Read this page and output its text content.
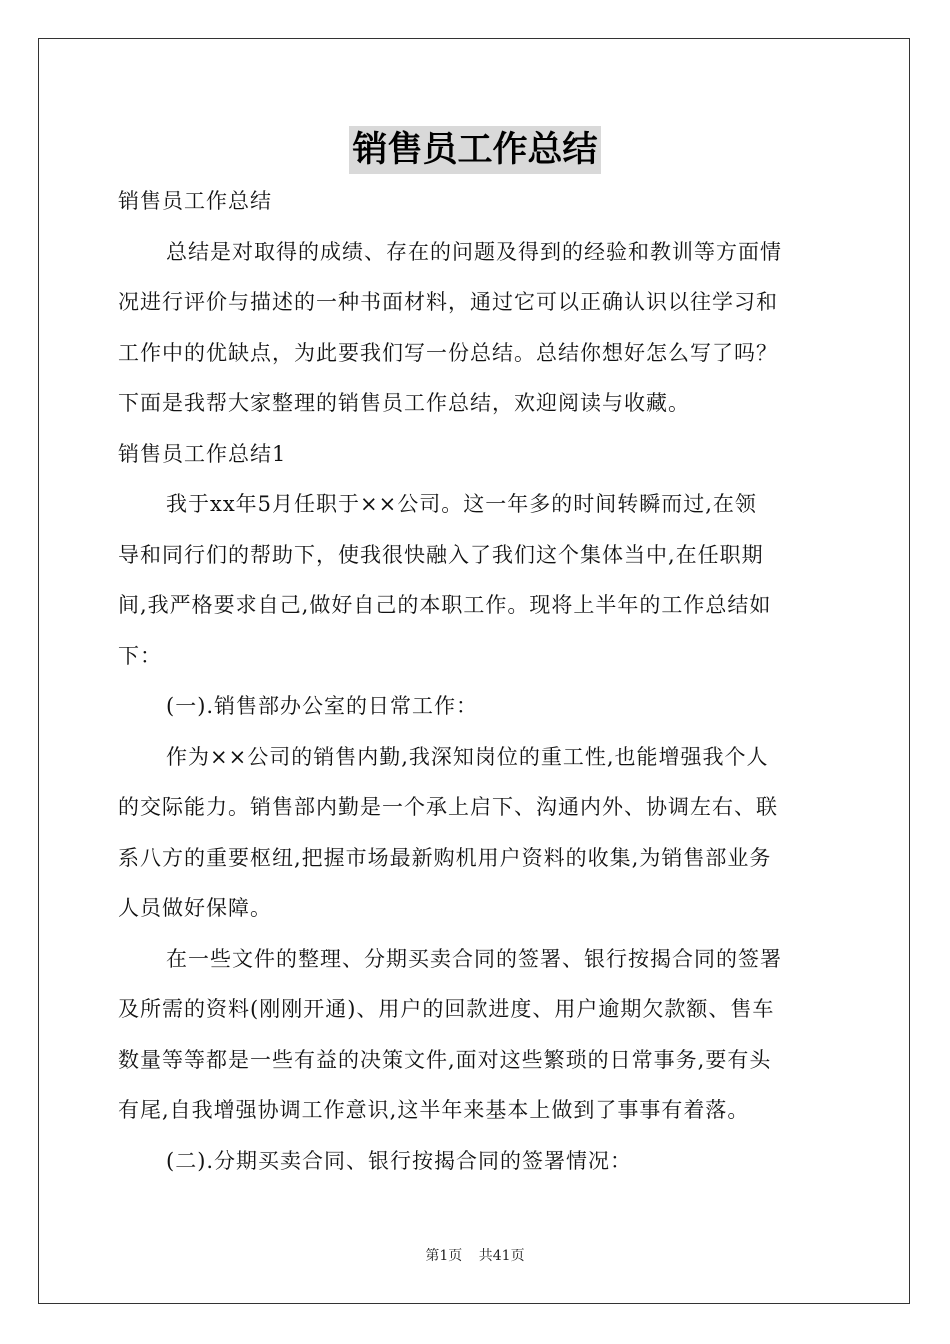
销售员工作总结

销售员工作总结

总结是对取得的成绩、存在的问题及得到的经验和教训等方面情

况进行评价与描述的一种书面材料，通过它可以正确认识以往学习和

工作中的优缺点，为此要我们写一份总结。总结你想好怎么写了吗？

下面是我帮大家整理的销售员工作总结，欢迎阅读与收藏。

销售员工作总结1

我于xx年5月任职于××公司。这一年多的时间转瞬而过,在领

导和同行们的帮助下，使我很快融入了我们这个集体当中,在任职期

间,我严格要求自己,做好自己的本职工作。现将上半年的工作总结如

下：

(一).销售部办公室的日常工作：

作为××公司的销售内勤,我深知岗位的重工性,也能增强我个人

的交际能力。销售部内勤是一个承上启下、沟通内外、协调左右、联

系八方的重要枢纽,把握市场最新购机用户资料的收集,为销售部业务

人员做好保障。

在一些文件的整理、分期买卖合同的签署、银行按揭合同的签署

及所需的资料(刚刚开通)、用户的回款进度、用户逾期欠款额、售车

数量等等都是一些有益的决策文件,面对这些繁琐的日常事务,要有头

有尾,自我增强协调工作意识,这半年来基本上做到了事事有着落。

(二).分期买卖合同、银行按揭合同的签署情况：

第1页 共41页
